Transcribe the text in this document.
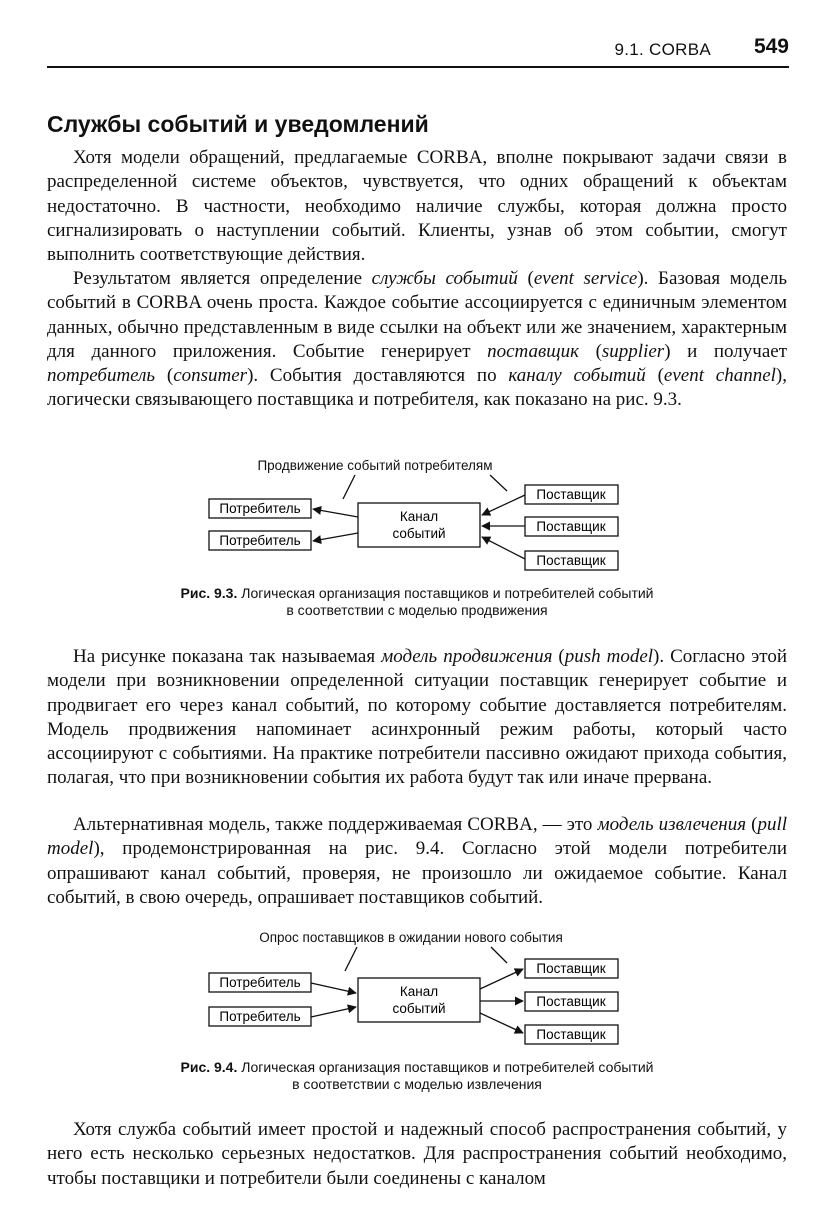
9.1. CORBA 549
Службы событий и уведомлений

Хотя модели обращений, предлагаемые CORBA, вполне покрывают задачи связи в распределенной системе объектов, чувствуется, что одних обращений к объектам недостаточно. В частности, необходимо наличие службы, которая должна просто сигнализировать о наступлении событий. Клиенты, узнав об этом событии, смогут выполнить соответствующие действия.

Результатом является определение службы событий (event service). Базовая модель событий в CORBA очень проста. Каждое событие ассоциируется с единичным элементом данных, обычно представленным в виде ссылки на объект или же значением, характерным для данного приложения. Событие генерирует поставщик (supplier) и получает потребитель (consumer). События доставляются по каналу событий (event channel), логически связывающего поставщика и потребителя, как показано на рис. 9.3.

Продвижение событий потребителям
Потребитель
Потребитель
Канал
событий
Поставщик
Поставщик
Поставщик
Рис. 9.3. Логическая организация поставщиков и потребителей событий
в соответствии с моделью продвижения

На рисунке показана так называемая модель продвижения (push model). Согласно этой модели при возникновении определенной ситуации поставщик генерирует событие и продвигает его через канал событий, по которому событие доставляется потребителям. Модель продвижения напоминает асинхронный режим работы, который часто ассоциируют с событиями. На практике потребители пассивно ожидают прихода события, полагая, что при возникновении события их работа будут так или иначе прервана.

Альтернативная модель, также поддерживаемая CORBA, — это модель извлечения (pull model), продемонстрированная на рис. 9.4. Согласно этой модели потребители опрашивают канал событий, проверяя, не произошло ли ожидаемое событие. Канал событий, в свою очередь, опрашивает поставщиков событий.

Опрос поставщиков в ожидании нового события
Потребитель
Потребитель
Канал
событий
Поставщик
Поставщик
Поставщик
Рис. 9.4. Логическая организация поставщиков и потребителей событий
в соответствии с моделью извлечения

Хотя служба событий имеет простой и надежный способ распространения событий, у него есть несколько серьезных недостатков. Для распространения событий необходимо, чтобы поставщики и потребители были соединены с каналом
